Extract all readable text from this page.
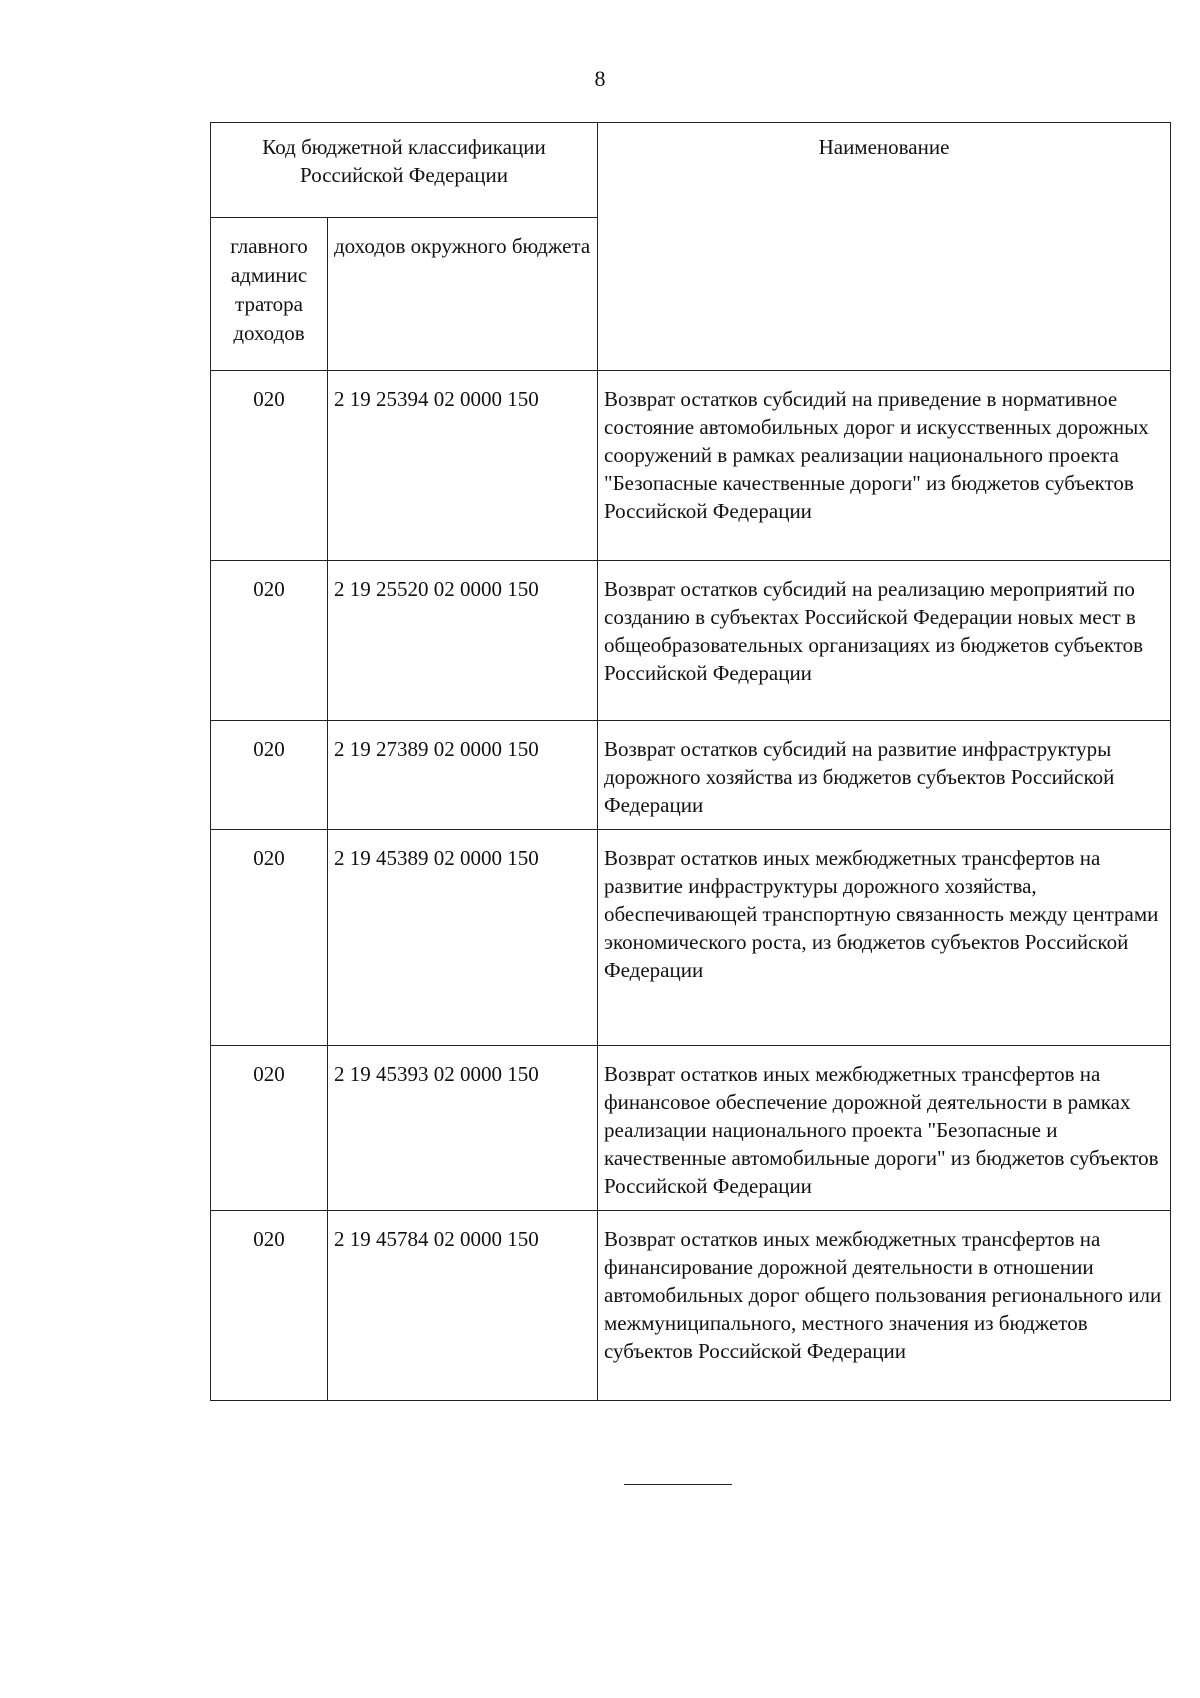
8
Код бюджетной классификации Российской Федерации		Наименование
главного админис тратора доходов	доходов окружного бюджета	
020	2 19 25394 02 0000 150	Возврат остатков субсидий на приведение в нормативное состояние автомобильных дорог и искусственных дорожных сооружений в рамках реализации национального проекта "Безопасные качественные дороги" из бюджетов субъектов Российской Федерации
020	2 19 25520 02 0000 150	Возврат остатков субсидий на реализацию мероприятий по созданию в субъектах Российской Федерации новых мест в общеобразовательных организациях из бюджетов субъектов Российской Федерации
020	2 19 27389 02 0000 150	Возврат остатков субсидий на развитие инфраструктуры дорожного хозяйства из бюджетов субъектов Российской Федерации
020	2 19 45389 02 0000 150	Возврат остатков иных межбюджетных трансфертов на развитие инфраструктуры дорожного хозяйства, обеспечивающей транспортную связанность между центрами экономического роста, из бюджетов субъектов Российской Федерации
020	2 19 45393 02 0000 150	Возврат остатков иных межбюджетных трансфертов на финансовое обеспечение дорожной деятельности в рамках реализации национального проекта "Безопасные и качественные автомобильные дороги" из бюджетов субъектов Российской Федерации
020	2 19 45784 02 0000 150	Возврат остатков иных межбюджетных трансфертов на финансирование дорожной деятельности в отношении автомобильных дорог общего пользования регионального или межмуниципального, местного значения из бюджетов субъектов Российской Федерации
